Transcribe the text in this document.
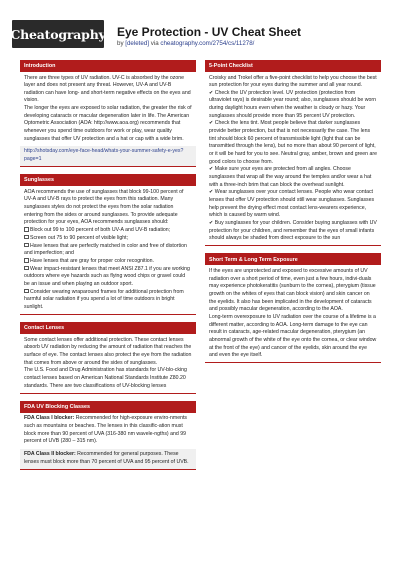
Cheatography Eye Protection - UV Cheat Sheet
by [deleted] via cheatography.com/2754/cs/11278/
Introduction

There are three types of UV radiation. UV-C is absorbed by the ozone layer and does not present any threat. However, UV-A and UV-B radiation can have long- and short-term negative effects on the eyes and vision.

The longer the eyes are exposed to solar radiation, the greater the risk of developing cataracts or macular degeneration later in life. The American Optometric Association (AOA: http://www.aoa.org) recommends that whenever you spend time outdoors for work or play, wear quality sunglasses that offer UV protection and a hat or cap with a wide brim.

http://shotsday.com/eye-face-head/whats-your-summer-safety-e-yes?page=1
Sunglasses

AOA recommends the use of sunglasses that block 99-100 percent of UV-A and UV-B rays to protect the eyes from this radiation. Many sunglasses styles do not protect the eyes from the solar radiation entering from the sides or around sunglasses. To provide adequate protection for your eyes, AOA recommends sunglasses should:

Block out 99 to 100 percent of both UV-A and UV-B radiation;

Screen out 75 to 90 percent of visible light;

Have lenses that are perfectly matched in color and free of distortion and imperfection; and

Have lenses that are gray for proper color recognition.

Wear impact-resistant lenses that meet ANSI Z87.1 if you are working outdoors where eye hazards such as flying wood chips or gravel could be an issue and when playing an outdoor sport.

Consider wearing wraparound frames for additional protection from harmful solar radiation if you spend a lot of time outdoors in bright sunlight.

Contact Lenses

Some contact lenses offer additional protection. These contact lenses absorb UV radiation by reducing the amount of radiation that reaches the surface of eye. The contact lenses also protect the eye from the radiation that comes from above or around the sides of sunglasses.

The U.S. Food and Drug Administration has standards for UV-blo-cking contact lenses based on American National Standards Institute Z80.20 standards. There are two classifications of UV-blocking lenses

FDA UV Blocking Classes

FDA Class I blocker: Recommended for high-exposure enviro-nments such as mountains or beaches. The lenses in this classific-ation must block more than 90 percent of UVA (316-380 nm wavele-ngths) and 99 percent of UVB (280 – 315 nm).

FDA Class II blocker: Recommended for general purposes. These lenses must block more than 70 percent of UVA and 95 percent of UVB.

5-Point Checklist

Croisky and Trokel offer a five-point checklist to help you choose the best sun protection for your eyes during the summer and all year round.

✔ Check the UV protection level. UV protection (protection from ultraviolet rays) is desirable year round; also, sunglasses should be worn during daylight hours even when the weather is cloudy or hazy. Your sunglasses should provide more than 95 percent UV protection.

✔ Check the lens tint. Most people believe that darker sunglasses provide better protection, but that is not necessarily the case. The lens tint should block 60 percent of transmissible light (light that can be transmitted through the lens), but no more than about 90 percent of light, or it will be hard for you to see. Neutral gray, amber, brown and green are good colors to choose from.

✔ Make sure your eyes are protected from all angles. Choose sunglasses that wrap all the way around the temples and/or wear a hat with a three-inch brim that can block the overhead sunlight.

✔ Wear sunglasses over your contact lenses. People who wear contact lenses that offer UV protection should still wear sunglasses. Sunglasses help prevent the drying effect most contact lens-wearers experience, which is caused by warm wind.

✔ Buy sunglasses for your children. Consider buying sunglasses with UV protection for your children, and remember that the eyes of small infants should always be shaded from direct exposure to the sun

Short Term & Long Term Exposure

If the eyes are unprotected and exposed to excessive amounts of UV radiation over a short period of time, even just a few hours, indivi-duals may experience photokeratitis (sunburn to the cornea), pterygium (tissue growth on the whites of eyes that can block vision) and skin cancer on the eyelids. It also has been implicated in the development of cataracts and possibly macular degeneration, according to the AOA.

Long-term overexposure to UV radiation over the course of a lifetime is a different matter, according to AOA. Long-term damage to the eye can result in cataracts, age-related macular degeneration, pterygium (an abnormal growth of the white of the eye onto the cornea, or clear window at the front of the eye) and cancer of the eyelids, skin around the eye and even the eye itself.
